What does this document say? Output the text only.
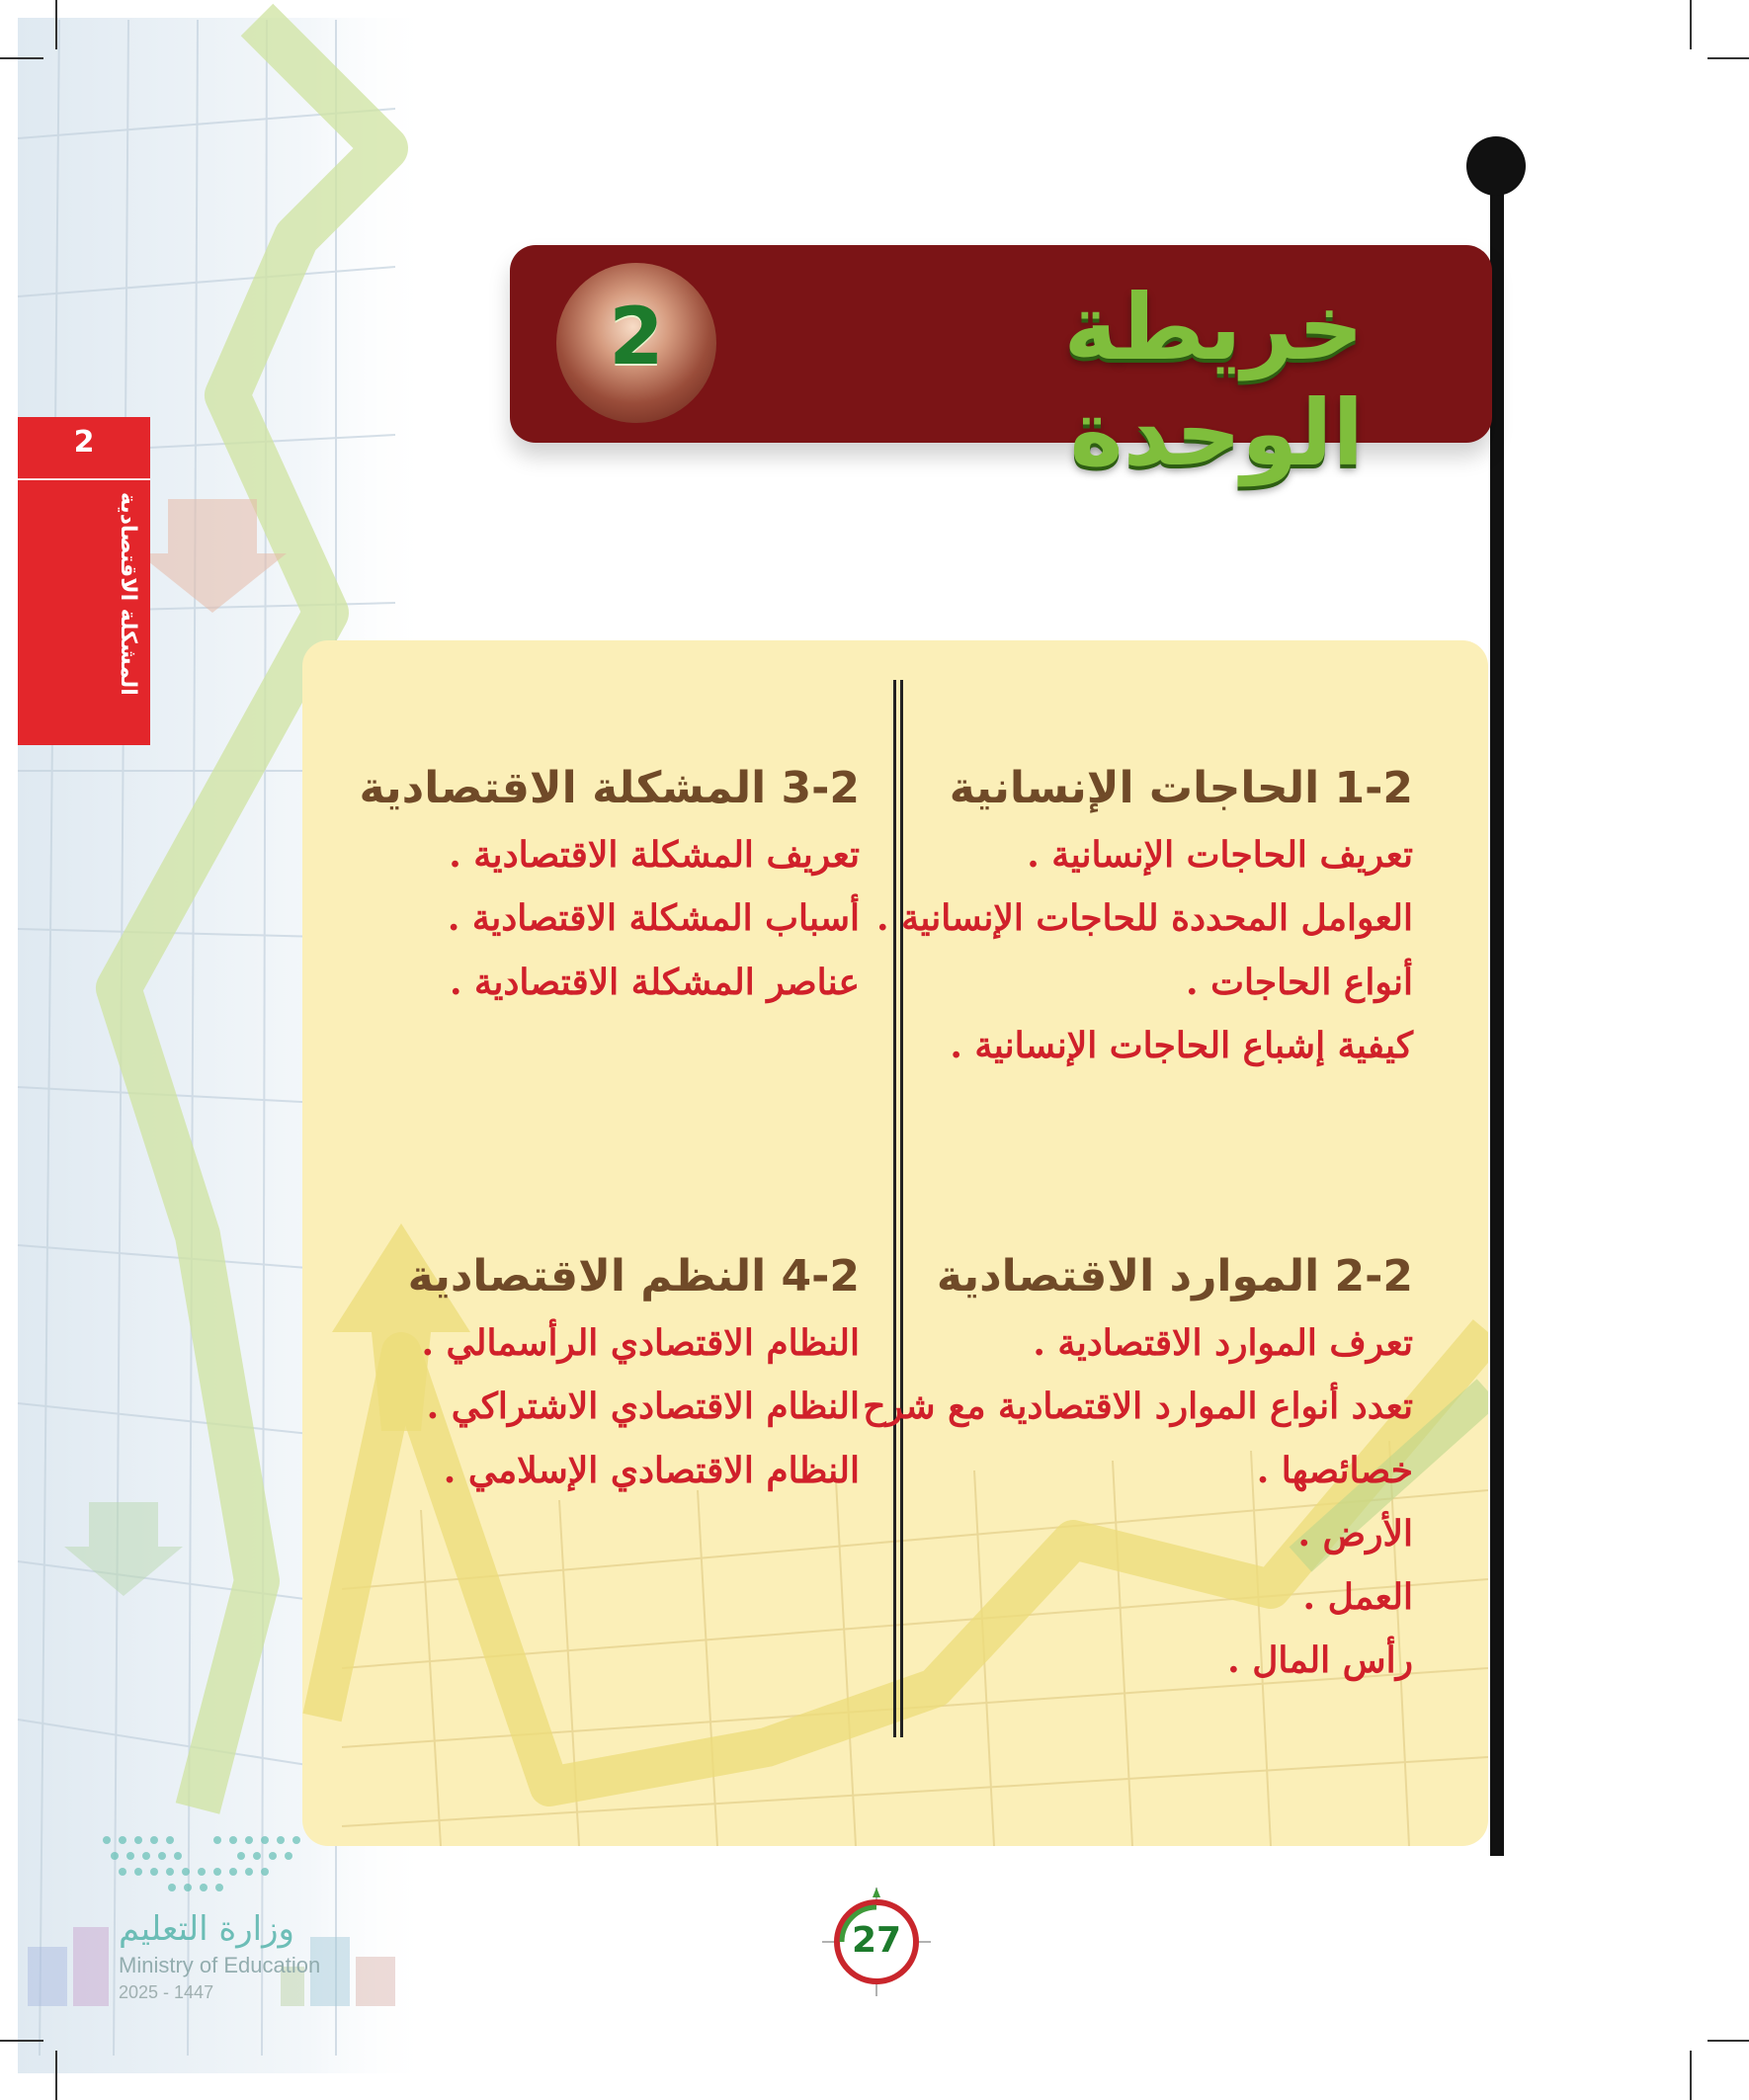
2
المشكلة الاقتصادية
2	خريطة الوحدة
1-2 الحاجات الإنسانية
تعريف الحاجات الإنسانية .
العوامل المحددة للحاجات الإنسانية .
أنواع الحاجات .
كيفية إشباع الحاجات الإنسانية .
2-2 الموارد الاقتصادية
تعرف الموارد الاقتصادية .
تعدد أنواع الموارد الاقتصادية مع شرح خصائصها .
الأرض .
العمل .
رأس المال .
3-2 المشكلة الاقتصادية
تعريف المشكلة الاقتصادية .
أسباب المشكلة الاقتصادية .
عناصر المشكلة الاقتصادية .
4-2 النظم الاقتصادية
النظام الاقتصادي الرأسمالي .
النظام الاقتصادي الاشتراكي .
النظام الاقتصادي الإسلامي .
27
وزارة التعليم
Ministry of Education
2025 - 1447
